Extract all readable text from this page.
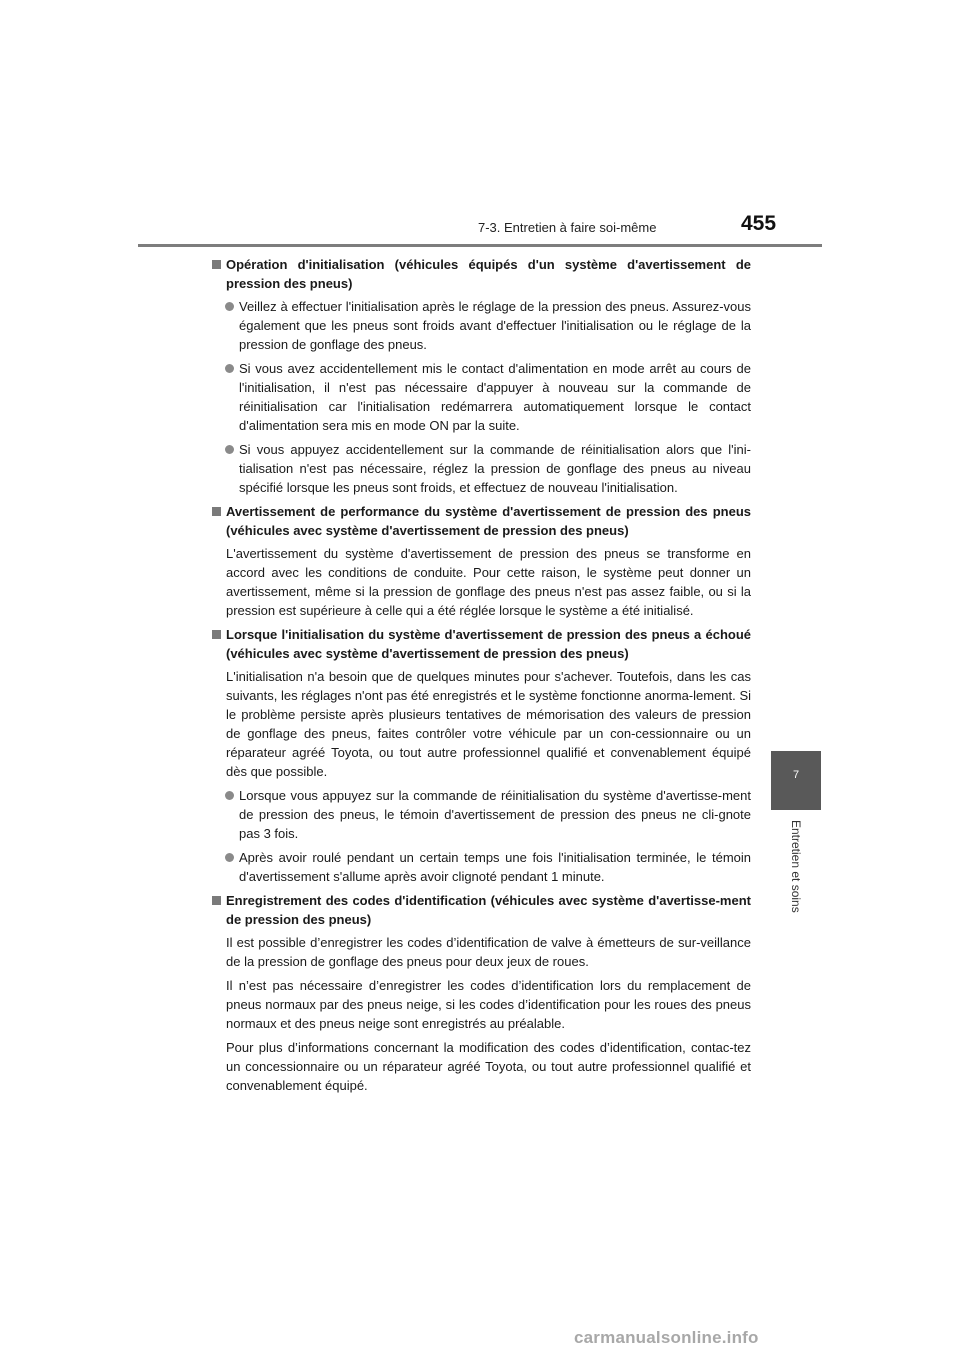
7-3. Entretien à faire soi-même	455
7
Entretien et soins
Opération d'initialisation (véhicules équipés d'un système d'avertissement de pression des pneus)
Veillez à effectuer l'initialisation après le réglage de la pression des pneus. Assurez-vous également que les pneus sont froids avant d'effectuer l'initialisation ou le réglage de la pression de gonflage des pneus.
Si vous avez accidentellement mis le contact d'alimentation en mode arrêt au cours de l'initialisation, il n'est pas nécessaire d'appuyer à nouveau sur la commande de réinitialisation car l'initialisation redémarrera automatiquement lorsque le contact d'alimentation sera mis en mode ON par la suite.
Si vous appuyez accidentellement sur la commande de réinitialisation alors que l'ini-tialisation n'est pas nécessaire, réglez la pression de gonflage des pneus au niveau spécifié lorsque les pneus sont froids, et effectuez de nouveau l'initialisation.
Avertissement de performance du système d'avertissement de pression des pneus (véhicules avec système d'avertissement de pression des pneus)

L'avertissement du système d'avertissement de pression des pneus se transforme en accord avec les conditions de conduite. Pour cette raison, le système peut donner un avertissement, même si la pression de gonflage des pneus n'est pas assez faible, ou si la pression est supérieure à celle qui a été réglée lorsque le système a été initialisé.

Lorsque l'initialisation du système d'avertissement de pression des pneus a échoué (véhicules avec système d'avertissement de pression des pneus)

L'initialisation n'a besoin que de quelques minutes pour s'achever. Toutefois, dans les cas suivants, les réglages n'ont pas été enregistrés et le système fonctionne anorma-lement. Si le problème persiste après plusieurs tentatives de mémorisation des valeurs de pression de gonflage des pneus, faites contrôler votre véhicule par un con-cessionnaire ou un réparateur agréé Toyota, ou tout autre professionnel qualifié et convenablement équipé dès que possible.

Lorsque vous appuyez sur la commande de réinitialisation du système d'avertisse-ment de pression des pneus, le témoin d'avertissement de pression des pneus ne cli-gnote pas 3 fois.
Après avoir roulé pendant un certain temps une fois l'initialisation terminée, le témoin d'avertissement s'allume après avoir clignoté pendant 1 minute.
Enregistrement des codes d'identification (véhicules avec système d'avertisse-ment de pression des pneus)

Il est possible d’enregistrer les codes d’identification de valve à émetteurs de sur-veillance de la pression de gonflage des pneus pour deux jeux de roues.

Il n’est pas nécessaire d’enregistrer les codes d’identification lors du remplacement de pneus normaux par des pneus neige, si les codes d’identification pour les roues des pneus normaux et des pneus neige sont enregistrés au préalable.

Pour plus d’informations concernant la modification des codes d’identification, contac-tez un concessionnaire ou un réparateur agréé Toyota, ou tout autre professionnel qualifié et convenablement équipé.

carmanualsonline.info
